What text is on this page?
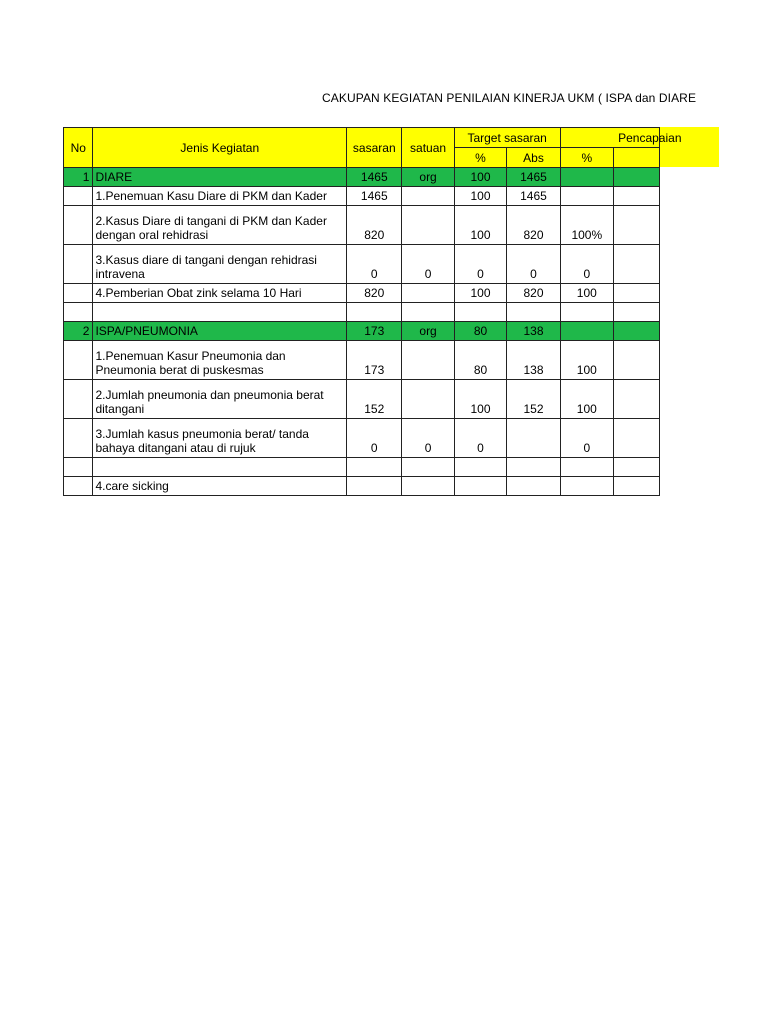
CAKUPAN KEGIATAN PENILAIAN KINERJA UKM ( ISPA dan DIARE
No	Jenis Kegiatan	sasaran	satuan	Target sasaran		Pencapaian	
				%	Abs	%	
1	DIARE	1465	org	100	1465		
	1.Penemuan Kasu Diare di PKM dan Kader	1465		100	1465		
	2.Kasus Diare di tangani di PKM dan Kader dengan oral rehidrasi	820		100	820	100%	
	3.Kasus diare di tangani dengan rehidrasi intravena	0	0	0	0	0	
	4.Pemberian Obat zink selama 10 Hari	820		100	820	100	

2	ISPA/PNEUMONIA	173	org	80	138		
	1.Penemuan Kasur Pneumonia dan Pneumonia berat di puskesmas	173		80	138	100	
	2.Jumlah pneumonia dan pneumonia berat ditangani	152		100	152	100	
	3.Jumlah kasus pneumonia berat/ tanda bahaya ditangani atau di rujuk	0	0	0		0	

	4.care sicking						
